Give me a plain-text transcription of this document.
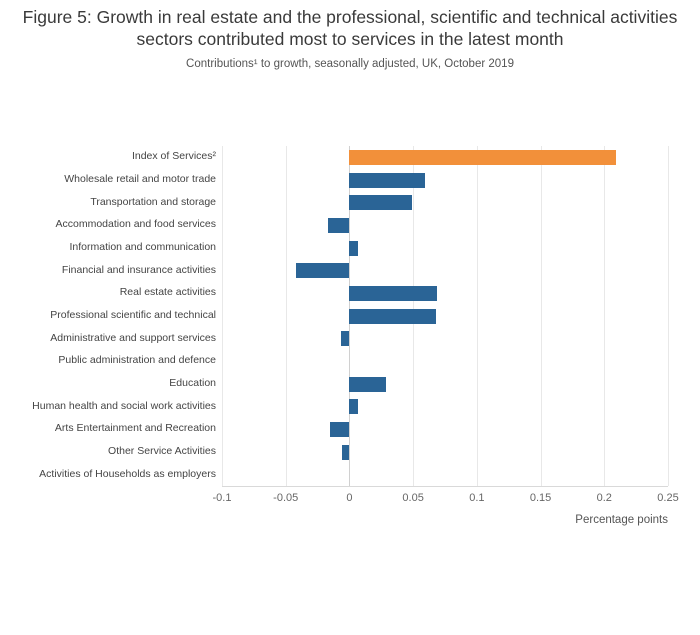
Figure 5: Growth in real estate and the professional, scientific and technical activities sectors contributed most to services in the latest month
Contributions¹ to growth, seasonally adjusted, UK, October 2019
Index of Services²
Wholesale retail and motor trade
Transportation and storage
Accommodation and food services
Information and communication
Financial and insurance activities
Real estate activities
Professional scientific and technical
Administrative and support services
Public administration and defence
Education
Human health and social work activities
Arts Entertainment and Recreation
Other Service Activities
Activities of Households as employers
-0.1	-0.05	0	0.05	0.1	0.15	0.2	0.25
Percentage points
